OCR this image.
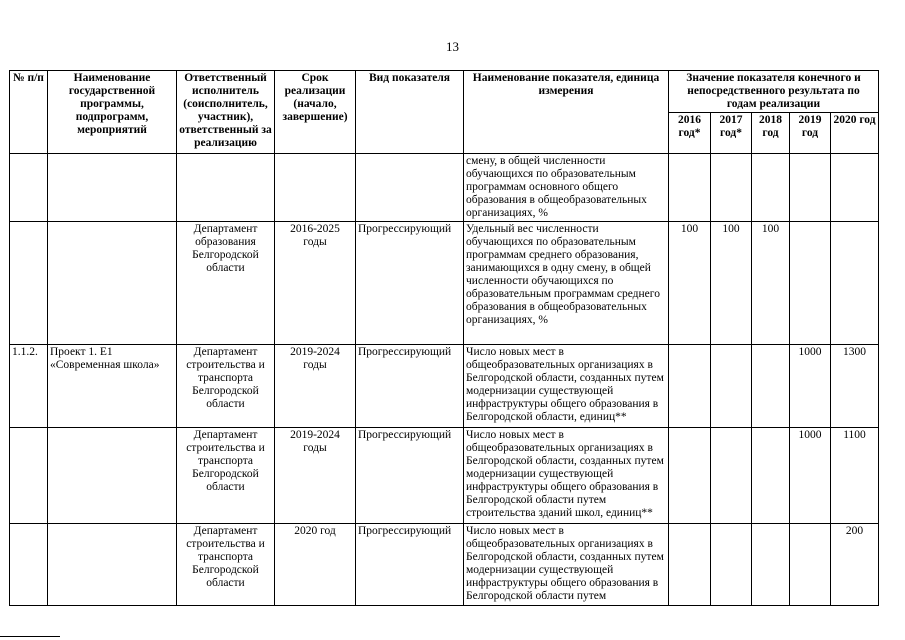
13
№ п/п	Наименование государственной программы, подпрограмм, мероприятий	Ответственный исполнитель (соисполнитель, участник), ответственный за реализацию	Срок реализации (начало, завершение)	Вид показателя	Наименование показателя, единица измерения	Значение показателя конечного и непосредственного результата по годам реализации				
						2016 год*	2017 год*	2018 год	2019 год	2020 год
					смену, в общей численности обучающихся по образовательным программам основного общего образования в общеобразовательных организациях, %					
		Департамент образования Белгородской области	2016-2025 годы	Прогрессирующий	Удельный вес численности обучающихся по образовательным программам среднего образования, занимающихся в одну смену, в общей численности обучающихся по образовательным программам среднего образования в общеобразовательных организациях, %	100	100	100		
1.1.2.	Проект 1. Е1 «Современная школа»	Департамент строительства и транспорта Белгородской области	2019-2024 годы	Прогрессирующий	Число новых мест в общеобразовательных организациях в Белгородской области, созданных путем модернизации существующей инфраструктуры общего образования в Белгородской области, единиц**				1000	1300
		Департамент строительства и транспорта Белгородской области	2019-2024 годы	Прогрессирующий	Число новых мест в общеобразовательных организациях в Белгородской области, созданных путем модернизации существующей инфраструктуры общего образования в Белгородской области путем строительства зданий школ, единиц**				1000	1100
		Департамент строительства и транспорта Белгородской области	2020 год	Прогрессирующий	Число новых мест в общеобразовательных организациях в Белгородской области, созданных путем модернизации существующей инфраструктуры общего образования в Белгородской области путем					200
